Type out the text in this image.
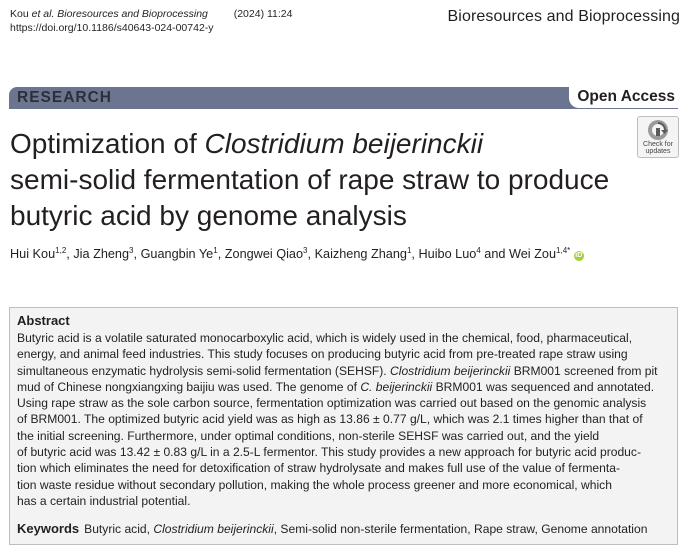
Kou et al. Bioresources and Bioprocessing (2024) 11:24
https://doi.org/10.1186/s40643-024-00742-y
Bioresources and Bioprocessing
RESEARCH	Open Access
Optimization of Clostridium beijerinckii
semi-solid fermentation of rape straw to produce butyric acid by genome analysis
Check for
updates
Hui Kou$^{1,2}$, Jia Zheng$^3$, Guangbin Ye$^1$, Zongwei Qiao$^3$, Kaizheng Zhang$^1$, Huibo Luo$^4$ and Wei Zou$^{1,4*}$ iD
Abstract
Butyric acid is a volatile saturated monocarboxylic acid, which is widely used in the chemical, food, pharmaceutical,
energy, and animal feed industries. This study focuses on producing butyric acid from pre-treated rape straw using
simultaneous enzymatic hydrolysis semi-solid fermentation (SEHSF). Clostridium beijerinckii BRM001 screened from pit
mud of Chinese nongxiangxing baijiu was used. The genome of C. beijerinckii BRM001 was sequenced and annotated.
Using rape straw as the sole carbon source, fermentation optimization was carried out based on the genomic analysis
of BRM001. The optimized butyric acid yield was as high as 13.86 ± 0.77 g/L, which was 2.1 times higher than that of
the initial screening. Furthermore, under optimal conditions, non-sterile SEHSF was carried out, and the yield
of butyric acid was 13.42 ± 0.83 g/L in a 2.5-L fermentor. This study provides a new approach for butyric acid produc-
tion which eliminates the need for detoxification of straw hydrolysate and makes full use of the value of fermenta-
tion waste residue without secondary pollution, making the whole process greener and more economical, which
has a certain industrial potential.
Keywords Butyric acid, Clostridium beijerinckii, Semi-solid non-sterile fermentation, Rape straw, Genome annotation
